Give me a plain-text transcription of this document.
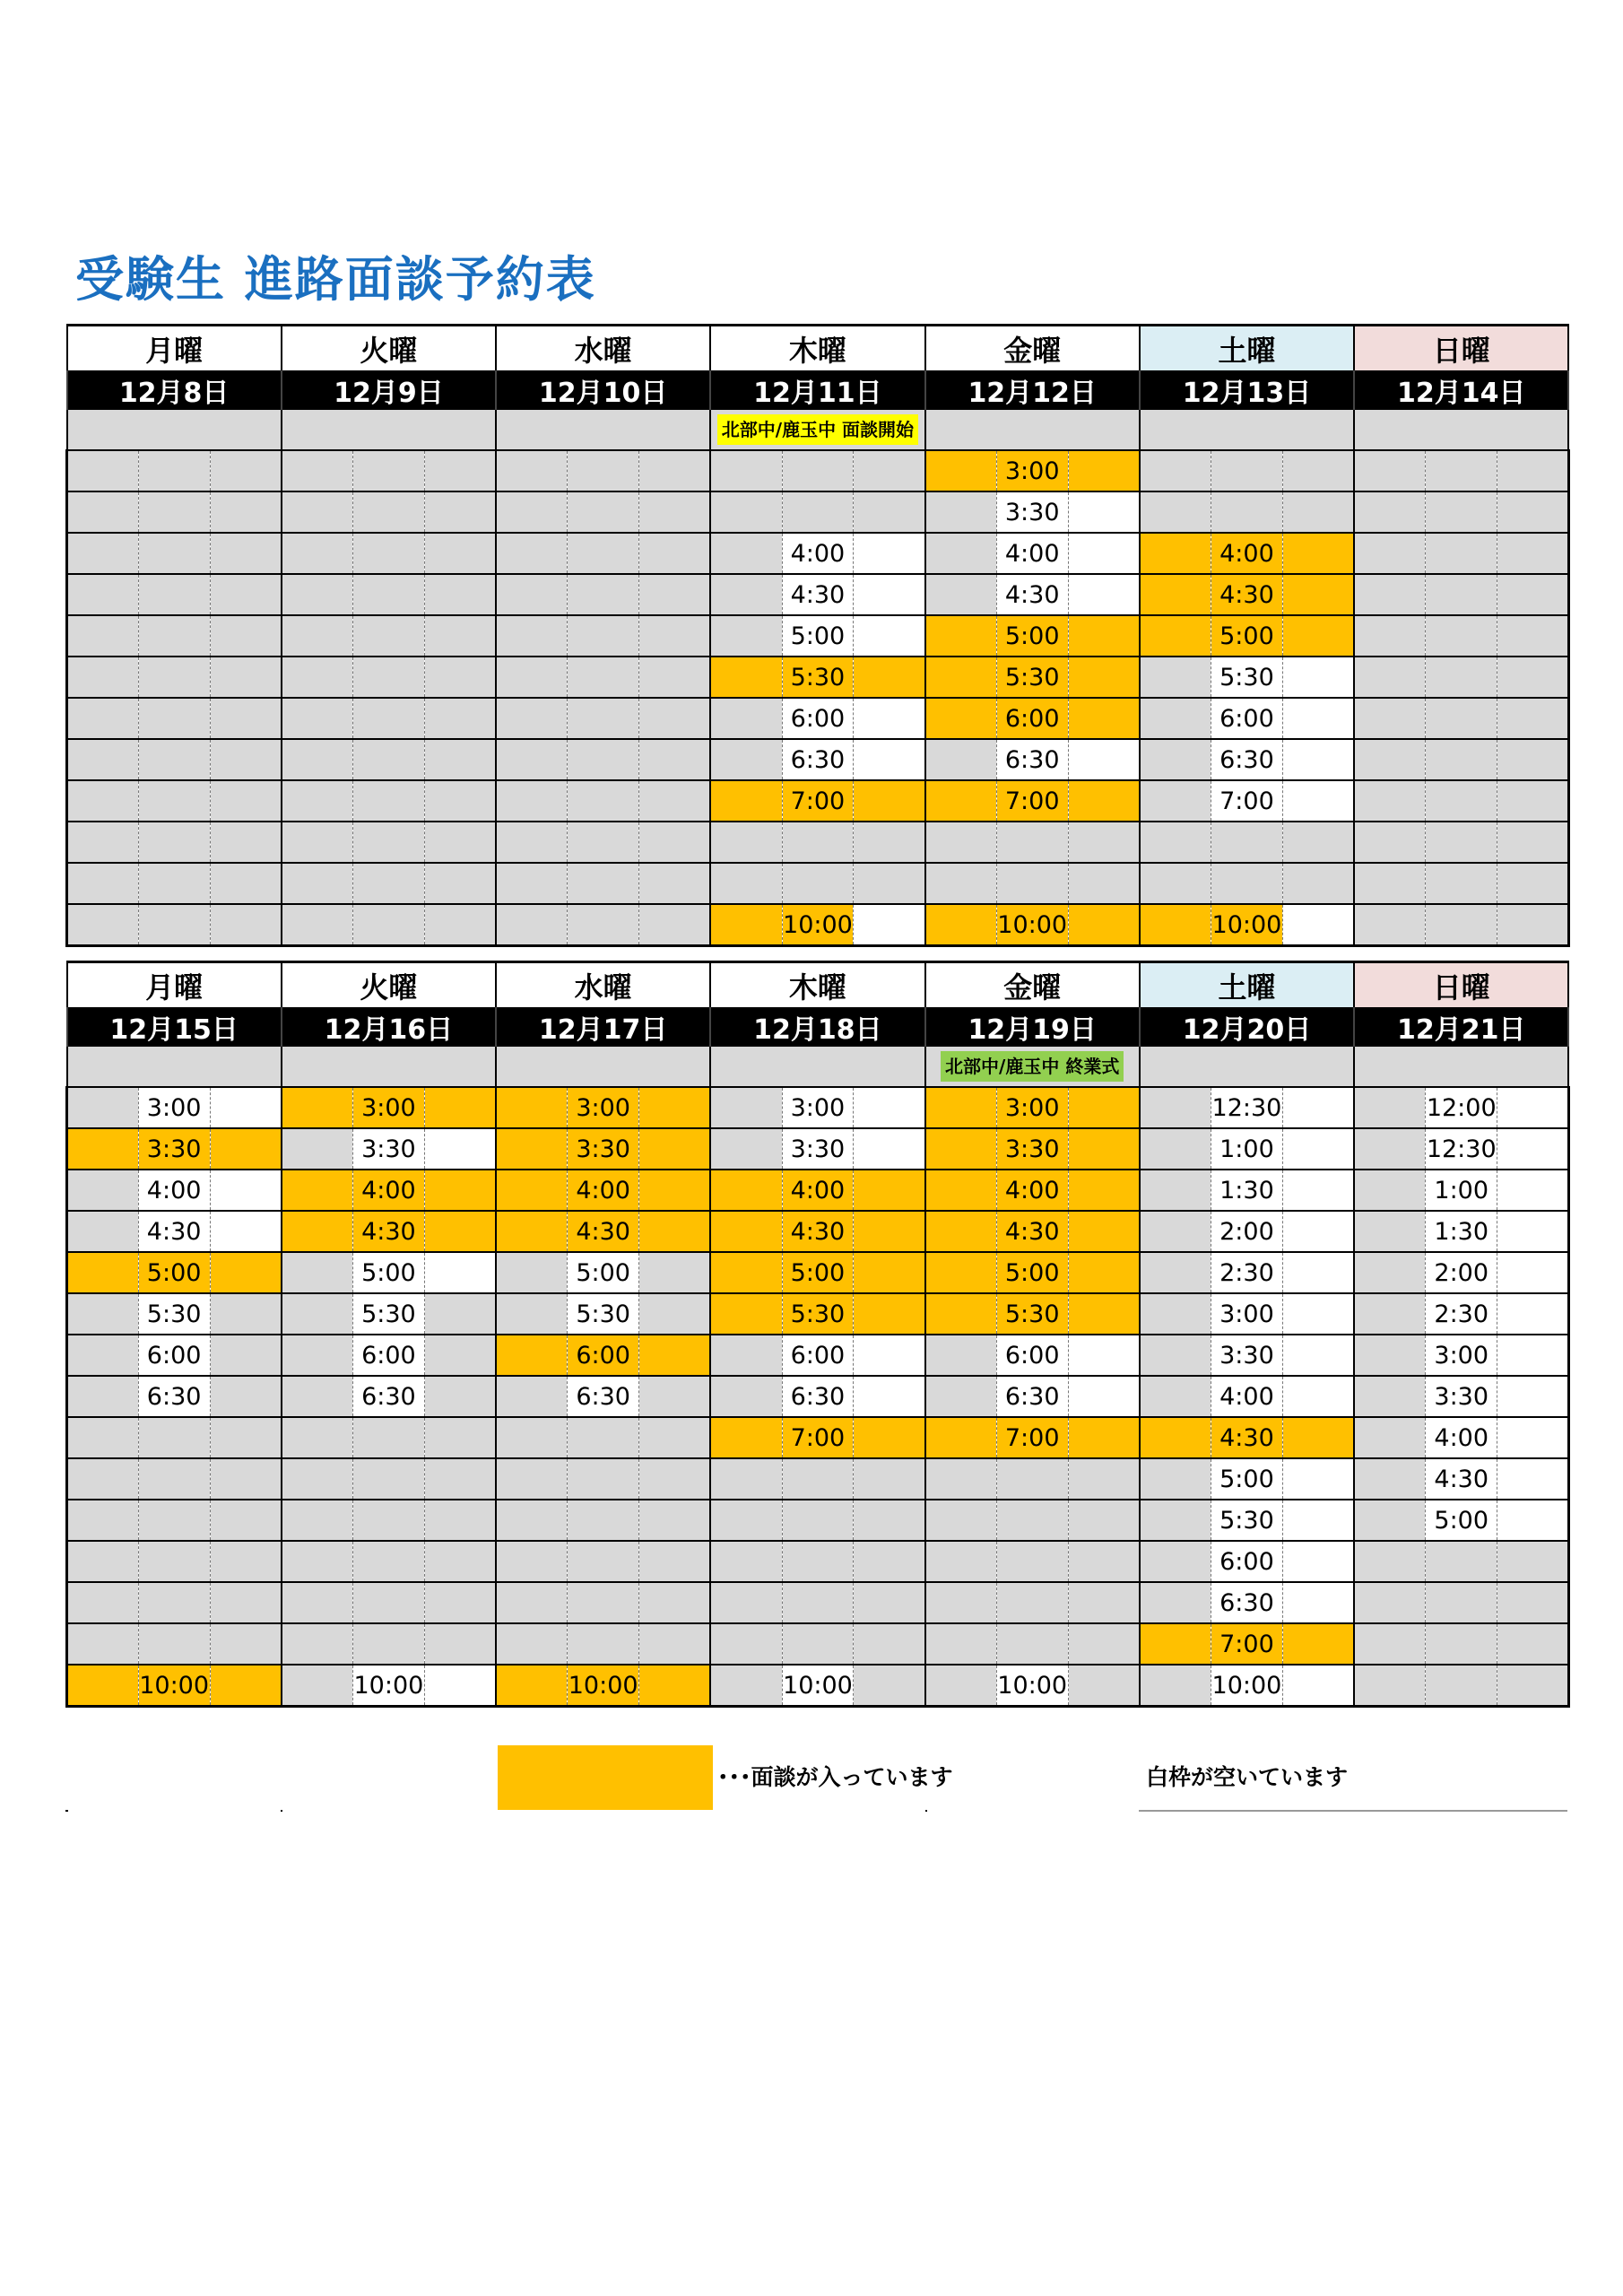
受験生 進路面談予約表
月曜			火曜			水曜			木曜			金曜			土曜			日曜		
12月8日			12月9日			12月10日			12月11日			12月12日			12月13日			12月14日		
									北部中/鹿玉中 面談開始											
													3:00							
													3:30							
										4:00			4:00			4:00				
										4:30			4:30			4:30				
										5:00			5:00			5:00				
										5:30			5:30			5:30				
										6:00			6:00			6:00				
										6:30			6:30			6:30				
										7:00			7:00			7:00				

										10:00			10:00			10:00				
月曜			火曜			水曜			木曜			金曜			土曜			日曜		
12月15日			12月16日			12月17日			12月18日			12月19日			12月20日			12月21日		
												北部中/鹿玉中 終業式								
	3:00			3:00			3:00			3:00			3:00			12:30			12:00	
	3:30			3:30			3:30			3:30			3:30			1:00			12:30	
	4:00			4:00			4:00			4:00			4:00			1:30			1:00	
	4:30			4:30			4:30			4:30			4:30			2:00			1:30	
	5:00			5:00			5:00			5:00			5:00			2:30			2:00	
	5:30			5:30			5:30			5:30			5:30			3:00			2:30	
	6:00			6:00			6:00			6:00			6:00			3:30			3:00	
	6:30			6:30			6:30			6:30			6:30			4:00			3:30	
										7:00			7:00			4:30			4:00	
																5:00			4:30	
																5:30			5:00	
																6:00				
																6:30				
																7:00				
	10:00			10:00			10:00			10:00			10:00			10:00				
･･･面談が入っています	白枠が空いています
